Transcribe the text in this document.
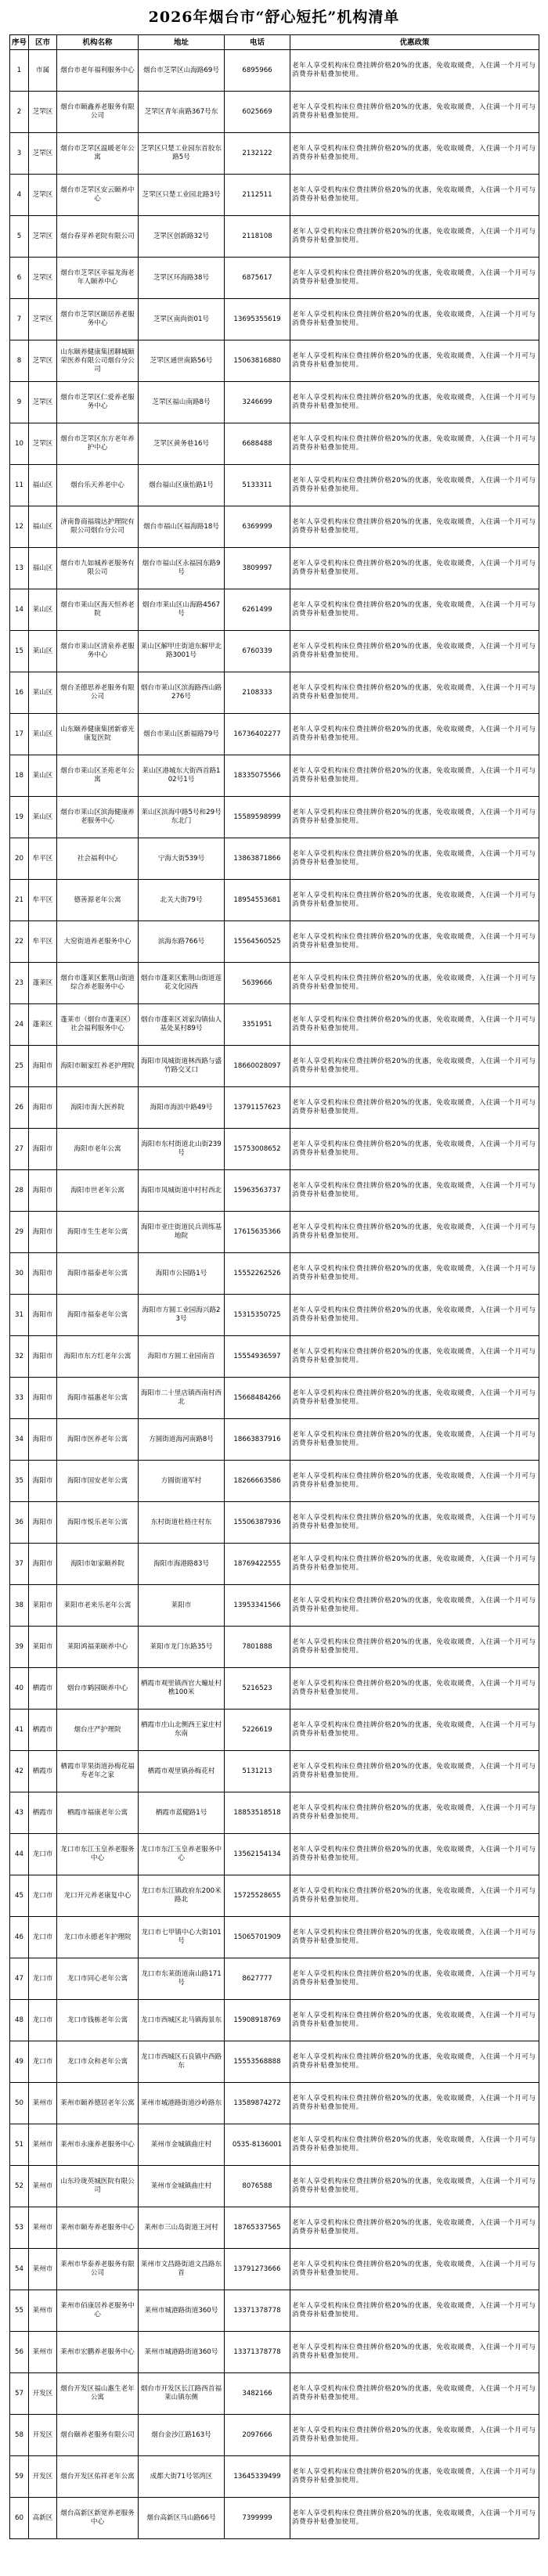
2026年烟台市“舒心短托”机构清单
序号	区市	机构名称	地址	电话	优惠政策
1	市属	烟台市老年福利服务中心	烟台市芝罘区山海路69号	6895966	老年人享受机构床位费挂牌价格20%的优惠，免收取暖费，入住满一个月可与消费券补贴叠加使用。
2	芝罘区	烟台市颐鑫养老服务有限公司	芝罘区青年南路367号东	6025669	老年人享受机构床位费挂牌价格20%的优惠，免收取暖费，入住满一个月可与消费券补贴叠加使用。
3	芝罘区	烟台市芝罘区温暖老年公寓	芝罘区只楚工业园东首胶东路5号	2132122	老年人享受机构床位费挂牌价格20%的优惠，免收取暖费，入住满一个月可与消费券补贴叠加使用。
4	芝罘区	烟台市芝罘区安云颐养中心	芝罘区只楚工业园北路3号	2112511	老年人享受机构床位费挂牌价格20%的优惠，免收取暖费，入住满一个月可与消费券补贴叠加使用。
5	芝罘区	烟台春芽养老院有限公司	芝罘区创新路32号	2118108	老年人享受机构床位费挂牌价格20%的优惠，免收取暖费，入住满一个月可与消费券补贴叠加使用。
6	芝罘区	烟台市芝罘区幸福龙海老年人颐养中心	芝罘区环海路38号	6875617	老年人享受机构床位费挂牌价格20%的优惠，免收取暖费，入住满一个月可与消费券补贴叠加使用。
7	芝罘区	烟台市芝罘区颐居养老服务中心	芝罘区南尚街01号	13695355619	老年人享受机构床位费挂牌价格20%的优惠，免收取暖费，入住满一个月可与消费券补贴叠加使用。
8	芝罘区	山东颐养健康集团聊城颐荣医养有限公司烟台分公司	芝罘区通世南路56号	15063816880	老年人享受机构床位费挂牌价格20%的优惠，免收取暖费，入住满一个月可与消费券补贴叠加使用。
9	芝罘区	烟台市芝罘区仁爱养老服务中心	芝罘区福山南路8号	3246699	老年人享受机构床位费挂牌价格20%的优惠，免收取暖费，入住满一个月可与消费券补贴叠加使用。
10	芝罘区	烟台市芝罘区东方老年养护中心	芝罘区黄务巷16号	6688488	老年人享受机构床位费挂牌价格20%的优惠，免收取暖费，入住满一个月可与消费券补贴叠加使用。
11	福山区	烟台乐天养老中心	烟台福山区康怡路1号	5133311	老年人享受机构床位费挂牌价格20%的优惠，免收取暖费，入住满一个月可与消费券补贴叠加使用。
12	福山区	济南鲁商福瑞达护理院有限公司烟台分公司	烟台市福山区福海路18号	6369999	老年人享受机构床位费挂牌价格20%的优惠，免收取暖费，入住满一个月可与消费券补贴叠加使用。
13	福山区	烟台市九如城养老服务有限公司	烟台市福山区永福园东路9号	3809997	老年人享受机构床位费挂牌价格20%的优惠，免收取暖费，入住满一个月可与消费券补贴叠加使用。
14	莱山区	烟台市莱山区海天恒养老院	烟台市莱山区山海路4567号	6261499	老年人享受机构床位费挂牌价格20%的优惠，免收取暖费，入住满一个月可与消费券补贴叠加使用。
15	莱山区	烟台市莱山区清泉养老服务中心	莱山区解甲庄街道东解甲北路3001号	6760339	老年人享受机构床位费挂牌价格20%的优惠，免收取暖费，入住满一个月可与消费券补贴叠加使用。
16	莱山区	烟台圣德思养老服务有限公司	烟台市莱山区滨海路西山路276号	2108333	老年人享受机构床位费挂牌价格20%的优惠，免收取暖费，入住满一个月可与消费券补贴叠加使用。
17	莱山区	山东颐养健康集团新睿光康复医院	烟台市莱山区新福路79号	16736402277	老年人享受机构床位费挂牌价格20%的优惠，免收取暖费，入住满一个月可与消费券补贴叠加使用。
18	莱山区	烟台市莱山区圣苑老年公寓	莱山区港城东大街西首路102号1号	18335075566	老年人享受机构床位费挂牌价格20%的优惠，免收取暖费，入住满一个月可与消费券补贴叠加使用。
19	莱山区	烟台市莱山区滨海健康养老服务中心	莱山区滨海中路5号和29号东北门	15589598999	老年人享受机构床位费挂牌价格20%的优惠，免收取暖费，入住满一个月可与消费券补贴叠加使用。
20	牟平区	社会福利中心	宁海大街539号	13863871866	老年人享受机构床位费挂牌价格20%的优惠，免收取暖费，入住满一个月可与消费券补贴叠加使用。
21	牟平区	德善源老年公寓	北关大街79号	18954553681	老年人享受机构床位费挂牌价格20%的优惠，免收取暖费，入住满一个月可与消费券补贴叠加使用。
22	牟平区	大窑街道养老服务中心	滨海东路766号	15564560525	老年人享受机构床位费挂牌价格20%的优惠，免收取暖费，入住满一个月可与消费券补贴叠加使用。
23	蓬莱区	烟台市蓬莱区紫荆山街道综合养老服务中心	烟台市蓬莱区紫荆山街道莲花文化园西	5639666	老年人享受机构床位费挂牌价格20%的优惠，免收取暖费，入住满一个月可与消费券补贴叠加使用。
24	蓬莱区	蓬莱市（烟台市蓬莱区）社会福利服务中心	烟台市蓬莱区刘家沟镇仙人基处某村89号	3351951	老年人享受机构床位费挂牌价格20%的优惠，免收取暖费，入住满一个月可与消费券补贴叠加使用。
25	海阳市	海阳市颐家红养老护理院	海阳市凤城街道林西路与盛竹路交叉口	18660028097	老年人享受机构床位费挂牌价格20%的优惠，免收取暖费，入住满一个月可与消费券补贴叠加使用。
26	海阳市	海阳市海大医养院	海阳市海滨中路49号	13791157623	老年人享受机构床位费挂牌价格20%的优惠，免收取暖费，入住满一个月可与消费券补贴叠加使用。
27	海阳市	海阳市老年公寓	海阳市东村街道北山街239号	15753008652	老年人享受机构床位费挂牌价格20%的优惠，免收取暖费，入住满一个月可与消费券补贴叠加使用。
28	海阳市	海阳市世老年公寓	海阳市凤城街道中村村西北	15963563737	老年人享受机构床位费挂牌价格20%的优惠，免收取暖费，入住满一个月可与消费券补贴叠加使用。
29	海阳市	海阳市生生老年公寓	海阳市亚庄街道民兵训练基地院	17615635366	老年人享受机构床位费挂牌价格20%的优惠，免收取暖费，入住满一个月可与消费券补贴叠加使用。
30	海阳市	海阳市福泰老年公寓	海阳市公园路1号	15552262526	老年人享受机构床位费挂牌价格20%的优惠，免收取暖费，入住满一个月可与消费券补贴叠加使用。
31	海阳市	海阳市福泰老年公寓	海阳市方圆工业园海兴路23号	15315350725	老年人享受机构床位费挂牌价格20%的优惠，免收取暖费，入住满一个月可与消费券补贴叠加使用。
32	海阳市	海阳市东方红老年公寓	海阳市方圆工业园南首	15554936597	老年人享受机构床位费挂牌价格20%的优惠，免收取暖费，入住满一个月可与消费券补贴叠加使用。
33	海阳市	海阳市福惠老年公寓	海阳市二十里店镇西南村西北	15668484266	老年人享受机构床位费挂牌价格20%的优惠，免收取暖费，入住满一个月可与消费券补贴叠加使用。
34	海阳市	海阳市医养老年公寓	方圆街道海河南路8号	18663837916	老年人享受机构床位费挂牌价格20%的优惠，免收取暖费，入住满一个月可与消费券补贴叠加使用。
35	海阳市	海阳市国安老年公寓	方圆街道军村	18266663586	老年人享受机构床位费挂牌价格20%的优惠，免收取暖费，入住满一个月可与消费券补贴叠加使用。
36	海阳市	海阳市悦乐老年公寓	东村街道杜格庄村东	15506387936	老年人享受机构床位费挂牌价格20%的优惠，免收取暖费，入住满一个月可与消费券补贴叠加使用。
37	海阳市	海阳市如家颐养院	海阳市海港路83号	18769422555	老年人享受机构床位费挂牌价格20%的优惠，免收取暖费，入住满一个月可与消费券补贴叠加使用。
38	莱阳市	莱阳市老来乐老年公寓	莱阳市	13953341566	老年人享受机构床位费挂牌价格20%的优惠，免收取暖费，入住满一个月可与消费券补贴叠加使用。
39	莱阳市	莱阳鸿福莱颐养中心	莱阳市龙门东路35号	7801888	老年人享受机构床位费挂牌价格20%的优惠，免收取暖费，入住满一个月可与消费券补贴叠加使用。
40	栖霞市	烟台市鹤园颐养中心	栖霞市观里镇西官大疃址村樵100米	5216523	老年人享受机构床位费挂牌价格20%的优惠，免收取暖费，入住满一个月可与消费券补贴叠加使用。
41	栖霞市	烟台庄严护理院	栖霞市庄山北侧西王家庄村东南	5226619	老年人享受机构床位费挂牌价格20%的优惠，免收取暖费，入住满一个月可与消费券补贴叠加使用。
42	栖霞市	栖霞市苹果街道孙梅花福寿老年之家	栖霞市观里镇孙梅花村	5131213	老年人享受机构床位费挂牌价格20%的优惠，免收取暖费，入住满一个月可与消费券补贴叠加使用。
43	栖霞市	栖霞市福康老年公寓	栖霞市蓝健路1号	18853518518	老年人享受机构床位费挂牌价格20%的优惠，免收取暖费，入住满一个月可与消费券补贴叠加使用。
44	龙口市	龙口市东江玉皇养老服务中心	龙口市东江玉皇养老服务中心	13562154134	老年人享受机构床位费挂牌价格20%的优惠，免收取暖费，入住满一个月可与消费券补贴叠加使用。
45	龙口市	龙口开元养老康复中心	龙口市东江镇政府东200米路北	15725528655	老年人享受机构床位费挂牌价格20%的优惠，免收取暖费，入住满一个月可与消费券补贴叠加使用。
46	龙口市	龙口市永德老年护理院	龙口市七甲镇中心大街101号	15065701909	老年人享受机构床位费挂牌价格20%的优惠，免收取暖费，入住满一个月可与消费券补贴叠加使用。
47	龙口市	龙口市同心老年公寓	龙口市东莱街道南山路171号	8627777	老年人享受机构床位费挂牌价格20%的优惠，免收取暖费，入住满一个月可与消费券补贴叠加使用。
48	龙口市	龙口市钱栋老年公寓	龙口市西城区北马镇海景东	15908918769	老年人享受机构床位费挂牌价格20%的优惠，免收取暖费，入住满一个月可与消费券补贴叠加使用。
49	龙口市	龙口市众和老年公寓	龙口市西城区石良镇中西路东	15553568888	老年人享受机构床位费挂牌价格20%的优惠，免收取暖费，入住满一个月可与消费券补贴叠加使用。
50	莱州市	莱州市颐养德居老年公寓	莱州市城港路街道沙岭路东	13589874272	老年人享受机构床位费挂牌价格20%的优惠，免收取暖费，入住满一个月可与消费券补贴叠加使用。
51	莱州市	莱州市永康养老服务中心	莱州市金城镇曲庄村	0535-8136001	老年人享受机构床位费挂牌价格20%的优惠，免收取暖费，入住满一个月可与消费券补贴叠加使用。
52	莱州市	山东玲珑英城医院有限公司	莱州市金城镇曲庄村	8076588	老年人享受机构床位费挂牌价格20%的优惠，免收取暖费，入住满一个月可与消费券补贴叠加使用。
53	莱州市	莱州市颐寿养老服务中心	莱州市三山岛街道王河村	18765337565	老年人享受机构床位费挂牌价格20%的优惠，免收取暖费，入住满一个月可与消费券补贴叠加使用。
54	莱州市	莱州市华泰养老服务有限公司	莱州市文昌路街道文昌路东首	13791273666	老年人享受机构床位费挂牌价格20%的优惠，免收取暖费，入住满一个月可与消费券补贴叠加使用。
55	莱州市	莱州市佰康居养老服务中心	莱州市城港路街道360号	13371378778	老年人享受机构床位费挂牌价格20%的优惠，免收取暖费，入住满一个月可与消费券补贴叠加使用。
56	莱州市	莱州市宏鹏养老服务中心	莱州市城港路街道360号	13371378778	老年人享受机构床位费挂牌价格20%的优惠，免收取暖费，入住满一个月可与消费券补贴叠加使用。
57	开发区	烟台开发区福山惠生老年公寓	烟台市开发区长江路西首福莱山镇东侧	3482166	老年人享受机构床位费挂牌价格20%的优惠，免收取暖费，入住满一个月可与消费券补贴叠加使用。
58	开发区	烟台颐养老服务有限公司	烟台金沙江路163号	2097666	老年人享受机构床位费挂牌价格20%的优惠，免收取暖费，入住满一个月可与消费券补贴叠加使用。
59	开发区	烟台开发区佑祥老年公寓	成都大街71号邻湾区	13645339499	老年人享受机构床位费挂牌价格20%的优惠，免收取暖费，入住满一个月可与消费券补贴叠加使用。
60	高新区	烟台高新区新宽养老服务中心	烟台高新区马山路66号	7399999	老年人享受机构床位费挂牌价格20%的优惠，免收取暖费，入住满一个月可与消费券补贴叠加使用。
